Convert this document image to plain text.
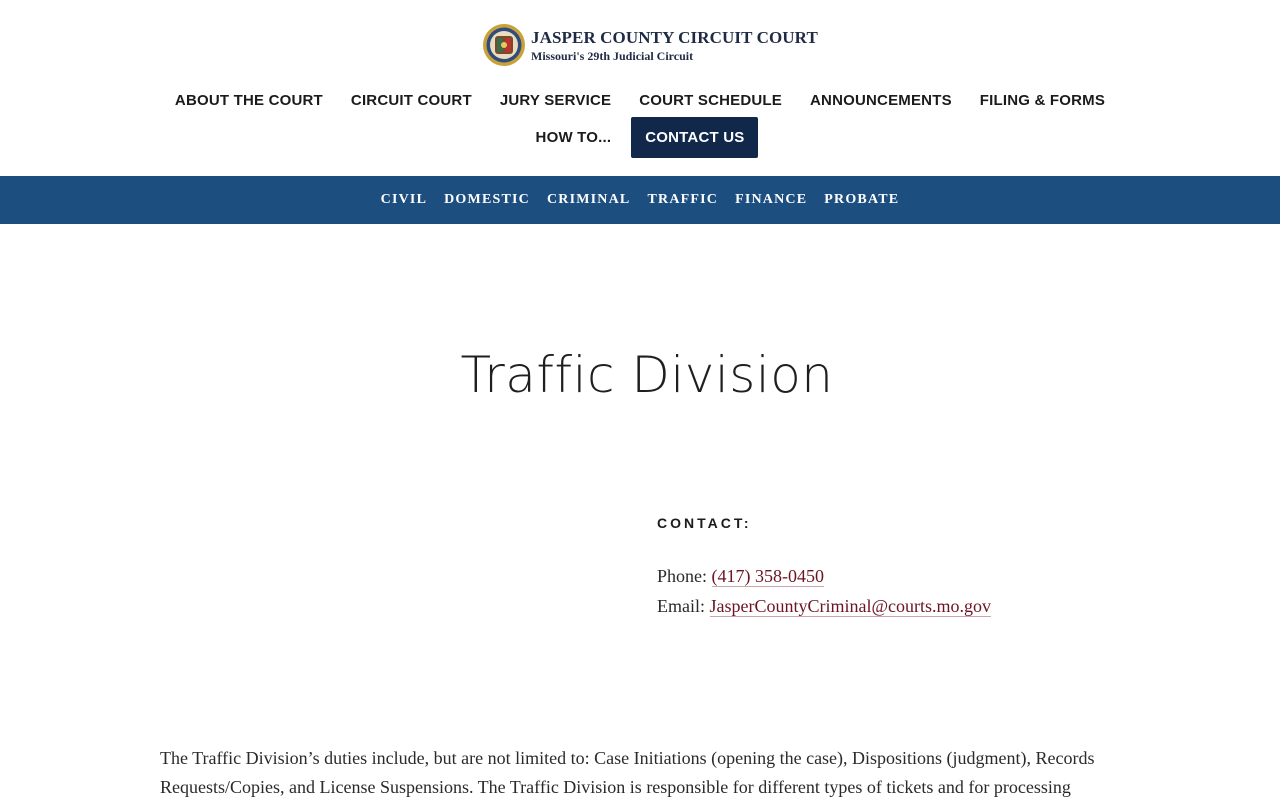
JASPER COUNTY CIRCUIT COURT
Missouri's 29th Judicial Circuit
ABOUT THE COURT	CIRCUIT COURT	JURY SERVICE	COURT SCHEDULE	ANNOUNCEMENTS	FILING & FORMS
HOW TO...	CONTACT US
CIVIL	DOMESTIC	CRIMINAL	TRAFFIC	FINANCE	PROBATE
Traffic Division
CONTACT:
Phone: (417) 358-0450
Email: JasperCountyCriminal@courts.mo.gov

The Traffic Division’s duties include, but are not limited to: Case Initiations (opening the case), Dispositions (judgment), Records Requests/Copies, and License Suspensions. The Traffic Division is responsible for different types of tickets and for processing
